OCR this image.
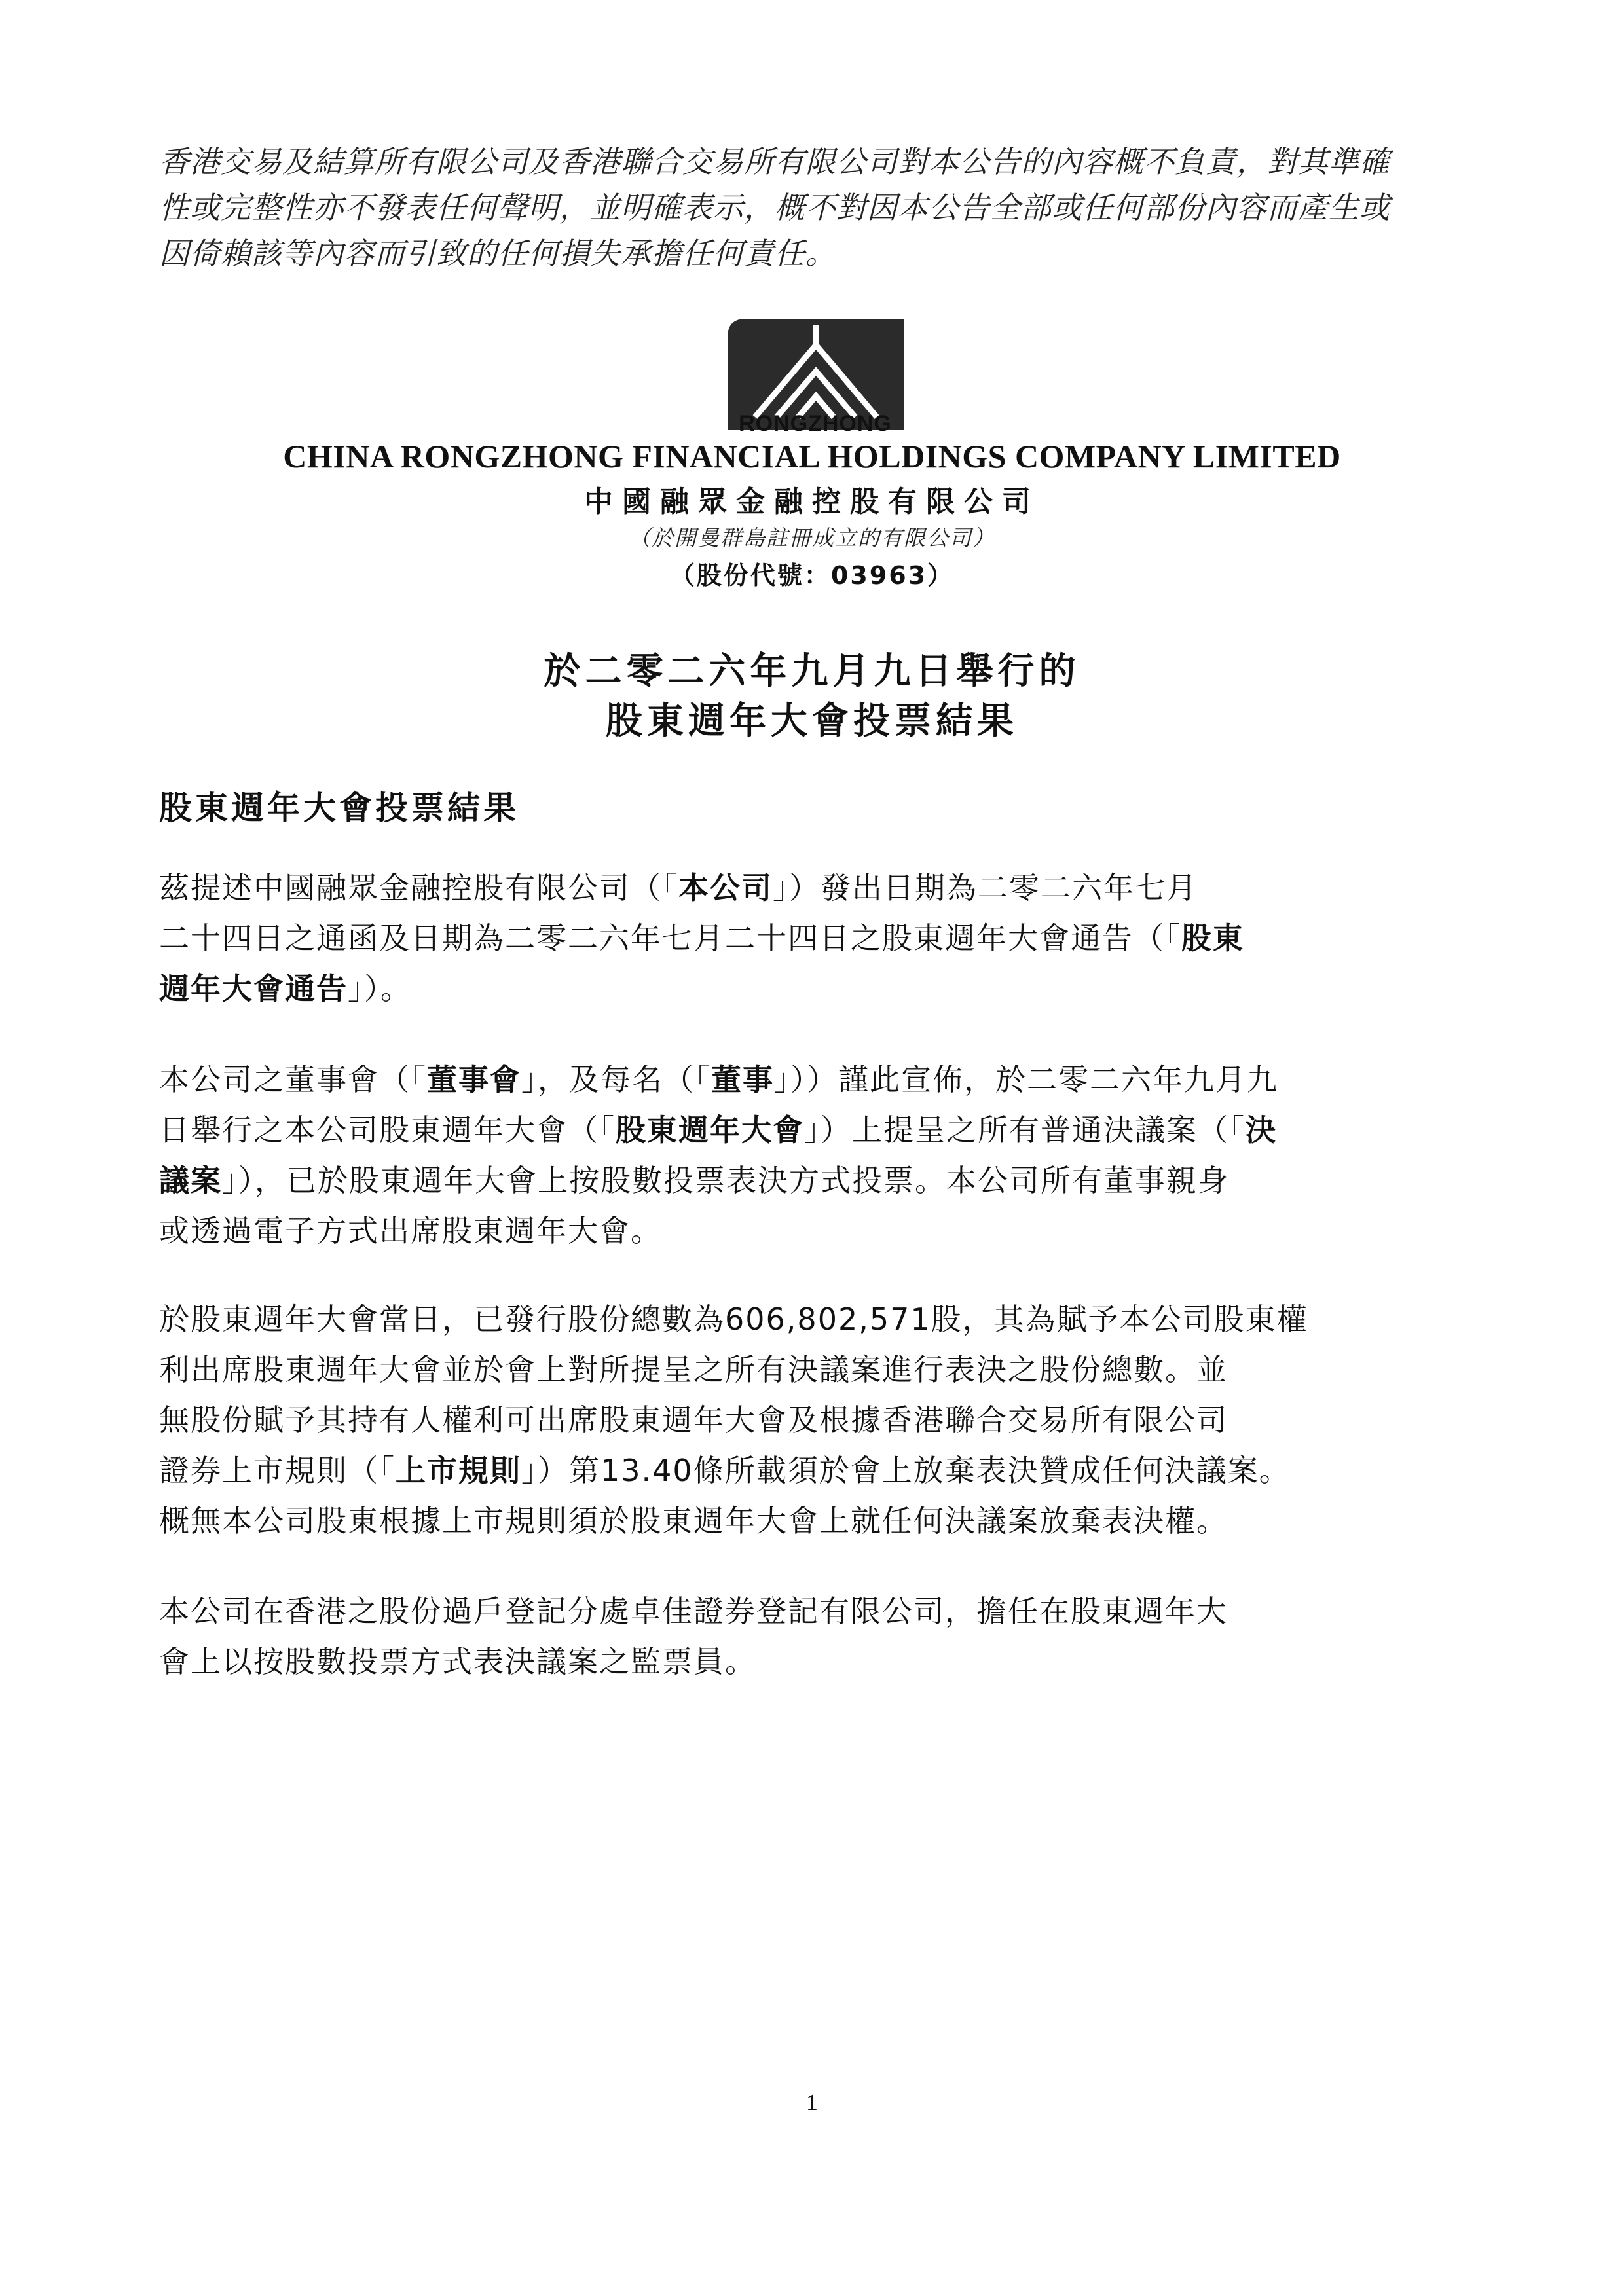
香港交易及結算所有限公司及香港聯合交易所有限公司對本公告的內容概不負責，對其準確
性或完整性亦不發表任何聲明，並明確表示，概不對因本公告全部或任何部份內容而產生或
因倚賴該等內容而引致的任何損失承擔任何責任。
RONGZHONG
CHINA RONGZHONG FINANCIAL HOLDINGS COMPANY LIMITED
中國融眾金融控股有限公司
（於開曼群島註冊成立的有限公司）
（股份代號：03963）
於二零二六年九月九日舉行的
股東週年大會投票結果
股東週年大會投票結果
茲提述中國融眾金融控股有限公司（「本公司」）發出日期為二零二六年七月
二十四日之通函及日期為二零二六年七月二十四日之股東週年大會通告（「股東
週年大會通告」）。
本公司之董事會（「董事會」，及每名（「董事」））謹此宣佈，於二零二六年九月九
日舉行之本公司股東週年大會（「股東週年大會」）上提呈之所有普通決議案（「決
議案」），已於股東週年大會上按股數投票表決方式投票。本公司所有董事親身
或透過電子方式出席股東週年大會。
於股東週年大會當日，已發行股份總數為606,802,571股，其為賦予本公司股東權
利出席股東週年大會並於會上對所提呈之所有決議案進行表決之股份總數。並
無股份賦予其持有人權利可出席股東週年大會及根據香港聯合交易所有限公司
證券上市規則（「上市規則」）第13.40條所載須於會上放棄表決贊成任何決議案。
概無本公司股東根據上市規則須於股東週年大會上就任何決議案放棄表決權。
本公司在香港之股份過戶登記分處卓佳證券登記有限公司，擔任在股東週年大
會上以按股數投票方式表決議案之監票員。
1
